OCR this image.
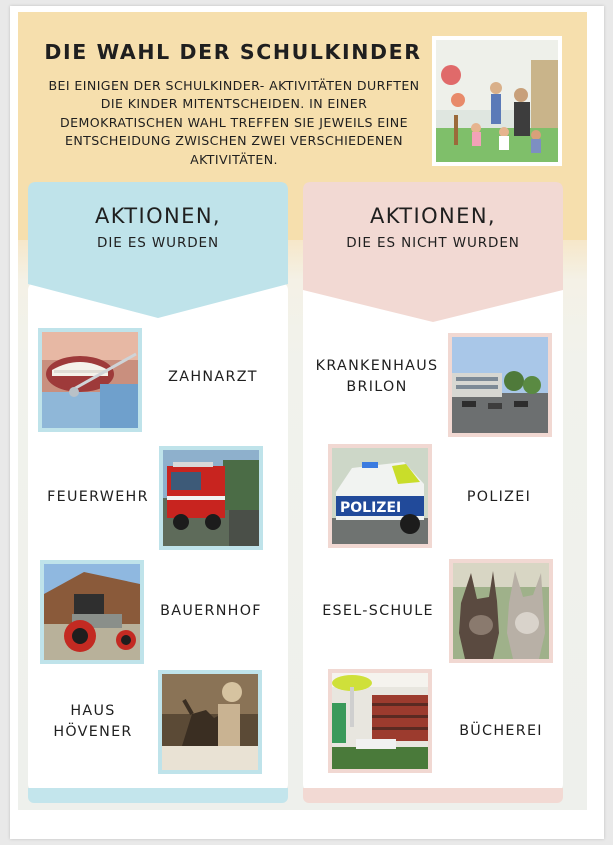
DIE WAHL DER SCHULKINDER
BEI EINIGEN DER SCHULKINDER- AKTIVITÄTEN DURFTEN
DIE KINDER MITENTSCHEIDEN. IN EINER
DEMOKRATISCHEN WAHL TREFFEN SIE JEWEILS EINE
ENTSCHEIDUNG ZWISCHEN ZWEI VERSCHIEDENEN
AKTIVITÄTEN.
AKTIONEN,
DIE ES WURDEN
AKTIONEN,
DIE ES NICHT WURDEN
ZAHNARZT
FEUERWEHR
BAUERNHOF
HAUS
HÖVENER
KRANKENHAUS
BRILON
POLIZEI
POLIZEI
ESEL-SCHULE
BÜCHEREI
